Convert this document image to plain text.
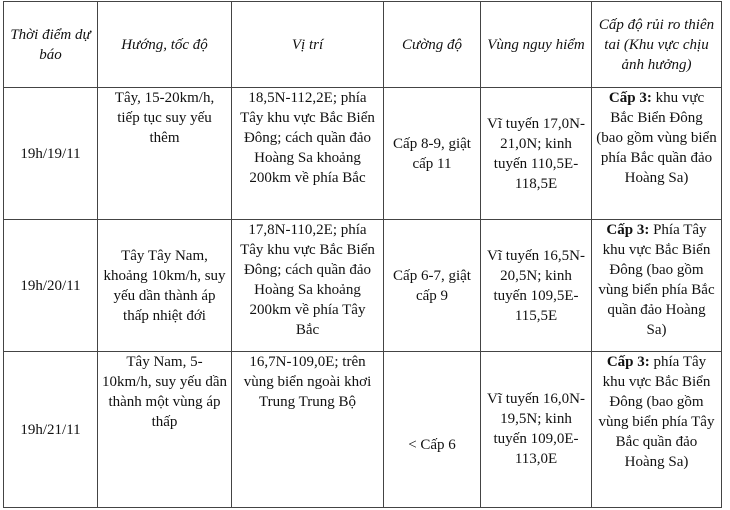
Thời điểm dự báo	Hướng, tốc độ	Vị trí	Cường độ	Vùng nguy hiểm	Cấp độ rủi ro thiên tai (Khu vực chịu ảnh hưởng)
19h/19/11	Tây, 15-20km/h, tiếp tục suy yếu thêm	18,5N-112,2E; phía Tây khu vực Bắc Biển Đông; cách quần đảo Hoàng Sa khoảng 200km về phía Bắc	Cấp 8-9, giật cấp 11	Vĩ tuyến 17,0N-21,0N; kinh tuyến 110,5E-118,5E	Cấp 3: khu vực Bắc Biển Đông (bao gồm vùng biển phía Bắc quần đảo Hoàng Sa)
19h/20/11	Tây Tây Nam, khoảng 10km/h, suy yếu dần thành áp thấp nhiệt đới	17,8N-110,2E; phía Tây khu vực Bắc Biển Đông; cách quần đảo Hoàng Sa khoảng 200km về phía Tây Bắc	Cấp 6-7, giật cấp 9	Vĩ tuyến 16,5N-20,5N; kinh tuyến 109,5E-115,5E	Cấp 3: Phía Tây khu vực Bắc Biển Đông (bao gồm vùng biển phía Bắc quần đảo Hoàng Sa)
19h/21/11	Tây Nam, 5-10km/h, suy yếu dần thành một vùng áp thấp	16,7N-109,0E; trên vùng biển ngoài khơi Trung Trung Bộ	< Cấp 6	Vĩ tuyến 16,0N-19,5N; kinh tuyến 109,0E-113,0E	Cấp 3: phía Tây khu vực Bắc Biển Đông (bao gồm vùng biển phía Tây Bắc quần đảo Hoàng Sa)
